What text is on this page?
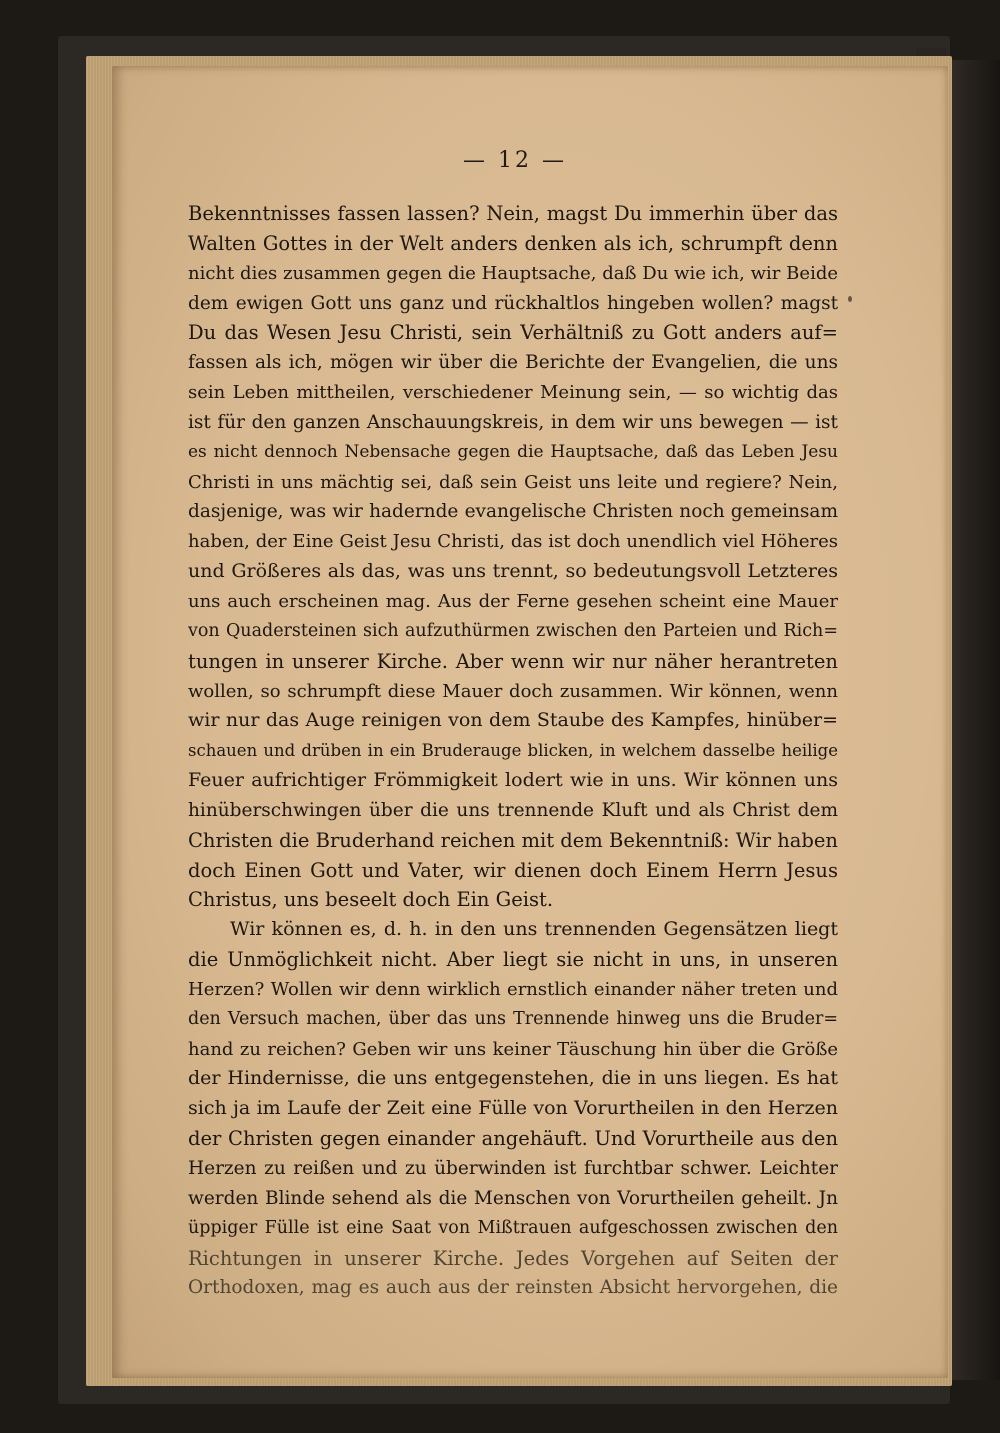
— 12 —
Bekenntnisses fassen lassen? Nein, magst Du immerhin über das
Walten Gottes in der Welt anders denken als ich, schrumpft denn
nicht dies zusammen gegen die Hauptsache, daß Du wie ich, wir Beide
dem ewigen Gott uns ganz und rückhaltlos hingeben wollen? magst
Du das Wesen Jesu Christi, sein Verhältniß zu Gott anders auf=
fassen als ich, mögen wir über die Berichte der Evangelien, die uns
sein Leben mittheilen, verschiedener Meinung sein, — so wichtig das
ist für den ganzen Anschauungskreis, in dem wir uns bewegen — ist
es nicht dennoch Nebensache gegen die Hauptsache, daß das Leben Jesu
Christi in uns mächtig sei, daß sein Geist uns leite und regiere? Nein,
dasjenige, was wir hadernde evangelische Christen noch gemeinsam
haben, der Eine Geist Jesu Christi, das ist doch unendlich viel Höheres
und Größeres als das, was uns trennt, so bedeutungsvoll Letzteres
uns auch erscheinen mag. Aus der Ferne gesehen scheint eine Mauer
von Quadersteinen sich aufzuthürmen zwischen den Parteien und Rich=
tungen in unserer Kirche. Aber wenn wir nur näher herantreten
wollen, so schrumpft diese Mauer doch zusammen. Wir können, wenn
wir nur das Auge reinigen von dem Staube des Kampfes, hinüber=
schauen und drüben in ein Bruderauge blicken, in welchem dasselbe heilige
Feuer aufrichtiger Frömmigkeit lodert wie in uns. Wir können uns
hinüberschwingen über die uns trennende Kluft und als Christ dem
Christen die Bruderhand reichen mit dem Bekenntniß: Wir haben
doch Einen Gott und Vater, wir dienen doch Einem Herrn Jesus
Christus, uns beseelt doch Ein Geist.
Wir können es, d. h. in den uns trennenden Gegensätzen liegt
die Unmöglichkeit nicht. Aber liegt sie nicht in uns, in unseren
Herzen? Wollen wir denn wirklich ernstlich einander näher treten und
den Versuch machen, über das uns Trennende hinweg uns die Bruder=
hand zu reichen? Geben wir uns keiner Täuschung hin über die Größe
der Hindernisse, die uns entgegenstehen, die in uns liegen. Es hat
sich ja im Laufe der Zeit eine Fülle von Vorurtheilen in den Herzen
der Christen gegen einander angehäuft. Und Vorurtheile aus den
Herzen zu reißen und zu überwinden ist furchtbar schwer. Leichter
werden Blinde sehend als die Menschen von Vorurtheilen geheilt. Jn
üppiger Fülle ist eine Saat von Mißtrauen aufgeschossen zwischen den
Richtungen in unserer Kirche. Jedes Vorgehen auf Seiten der
Orthodoxen, mag es auch aus der reinsten Absicht hervorgehen, die
